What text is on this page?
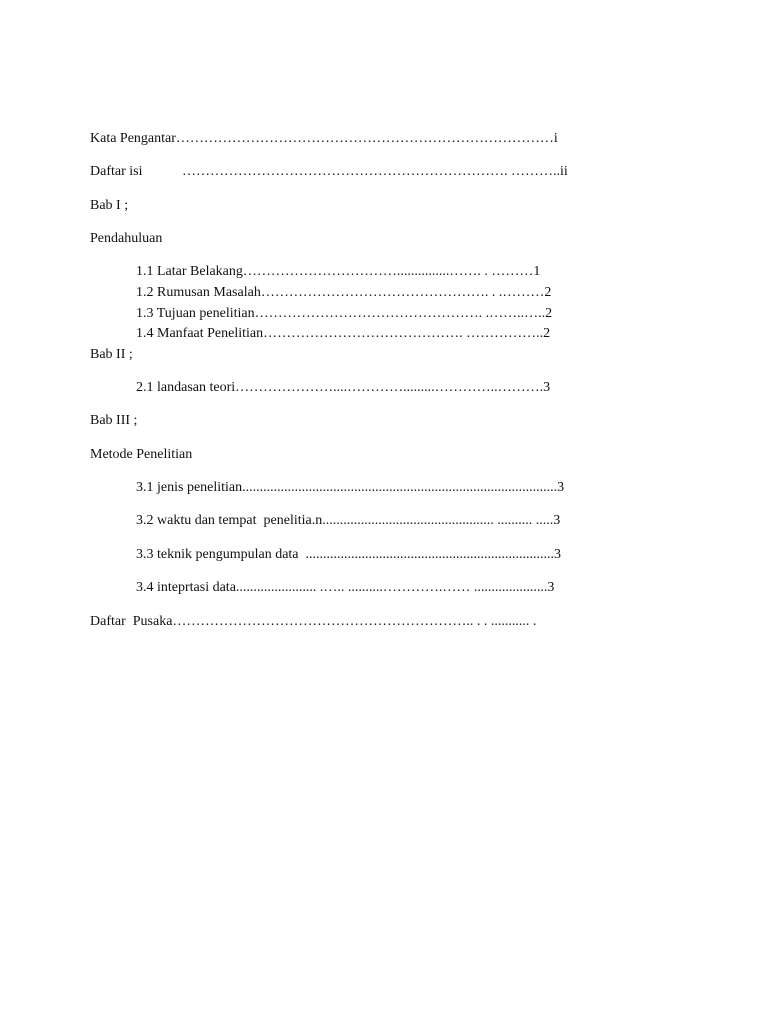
Kata Pengantar………………………………………………………………………i
Daftar isi	……………………………………………………………. ………..ii
Bab I ;
Pendahuluan
1.1 Latar Belakang……………………………...............……. . ………1
1.2 Rumusan Masalah…………………………………………. . .………2
1.3 Tujuan penelitian…………………………………………. .……..…..2
1.4 Manfaat Penelitian……………………………………. ……………..2
Bab II ;
2.1 landasan teori…………………....………….........…………..……….3
Bab III ;
Metode Penelitian
3.1 jenis penelitian..........................................................................................3
3.2 waktu dan tempat  penelitia.n................................................. .......... .....3
3.3 teknik pengumpulan data  .......................................................................3
3.4 inteprtasi data....................... .….. ..........………….…… .....................3
Daftar  Pusaka……………………………………………………….. . . ........... .
